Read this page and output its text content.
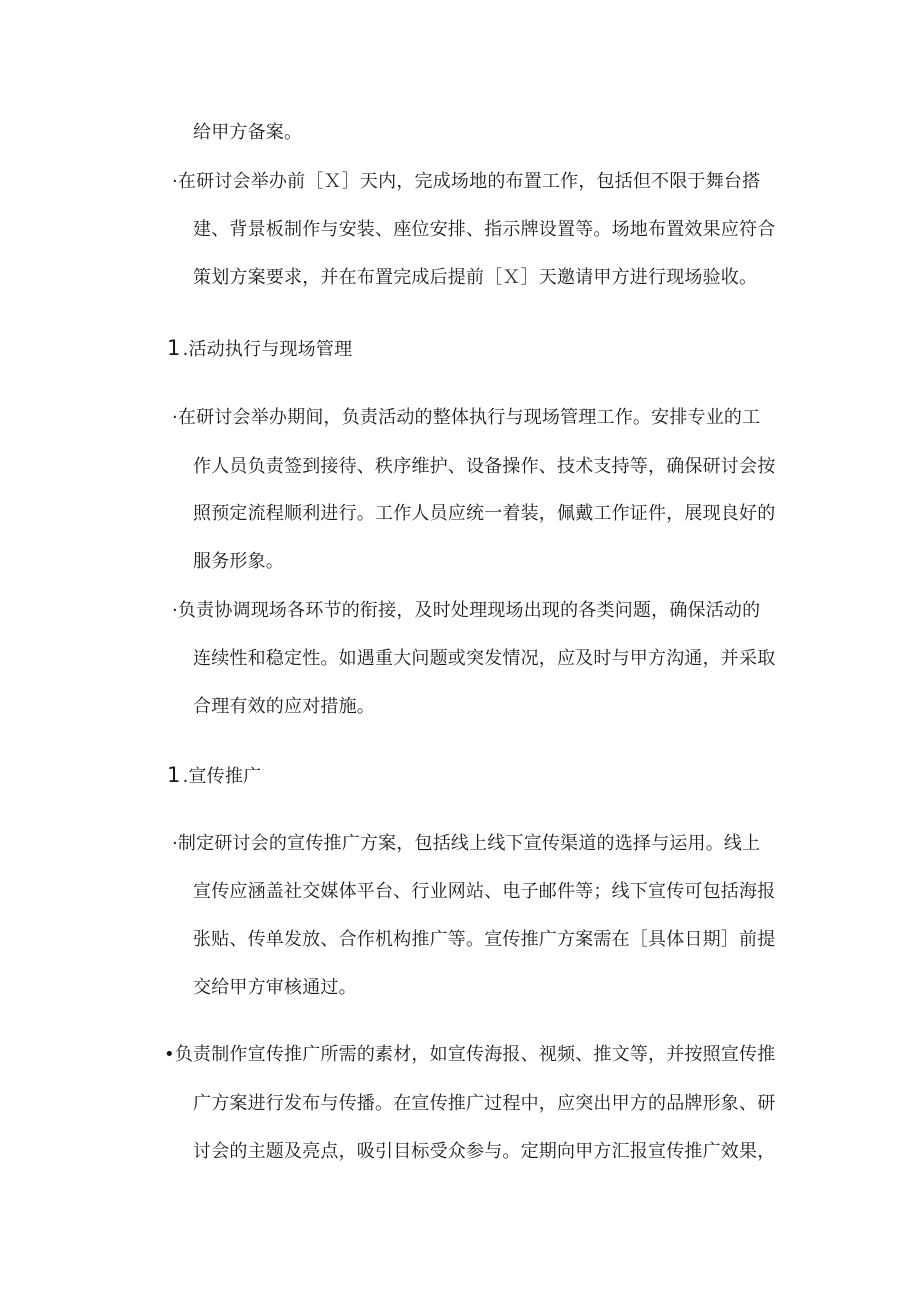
给甲方备案。
·在研讨会举办前［Ｘ］天内，完成场地的布置工作，包括但不限于舞台搭
建、背景板制作与安装、座位安排、指示牌设置等。场地布置效果应符合
策划方案要求，并在布置完成后提前［Ｘ］天邀请甲方进行现场验收。
1 .活动执行与现场管理
·在研讨会举办期间，负责活动的整体执行与现场管理工作。安排专业的工
作人员负责签到接待、秩序维护、设备操作、技术支持等，确保研讨会按
照预定流程顺利进行。工作人员应统一着装，佩戴工作证件，展现良好的
服务形象。
·负责协调现场各环节的衔接，及时处理现场出现的各类问题，确保活动的
连续性和稳定性。如遇重大问题或突发情况，应及时与甲方沟通，并采取
合理有效的应对措施。
1 .宣传推广
·制定研讨会的宣传推广方案，包括线上线下宣传渠道的选择与运用。线上
宣传应涵盖社交媒体平台、行业网站、电子邮件等；线下宣传可包括海报
张贴、传单发放、合作机构推广等。宣传推广方案需在［具体日期］前提
交给甲方审核通过。
•负责制作宣传推广所需的素材，如宣传海报、视频、推文等，并按照宣传推
广方案进行发布与传播。在宣传推广过程中，应突出甲方的品牌形象、研
讨会的主题及亮点，吸引目标受众参与。定期向甲方汇报宣传推广效果，
